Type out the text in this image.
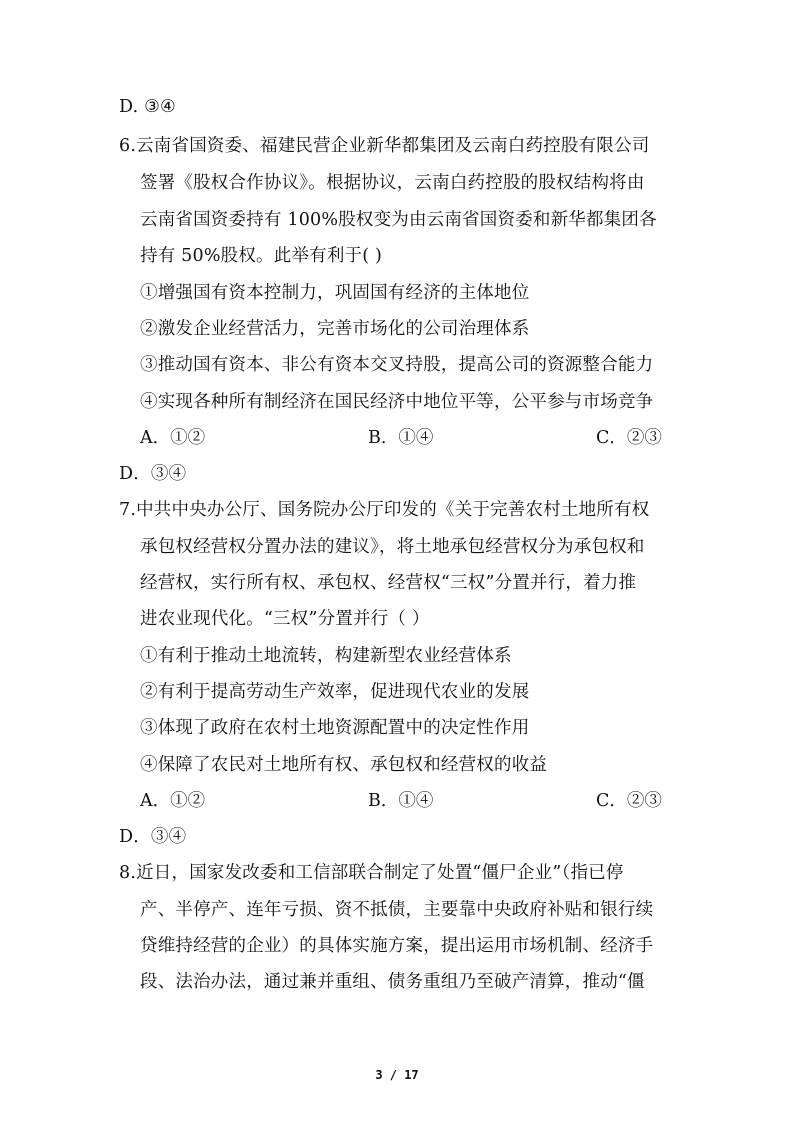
D. ③④
6.云南省国资委、福建民营企业新华都集团及云南白药控股有限公司
签署《股权合作协议》。根据协议，云南白药控股的股权结构将由
云南省国资委持有 100%股权变为由云南省国资委和新华都集团各
持有 50%股权。此举有利于( )
①增强国有资本控制力，巩固国有经济的主体地位
②激发企业经营活力，完善市场化的公司治理体系
③推动国有资本、非公有资本交叉持股，提高公司的资源整合能力
④实现各种所有制经济在国民经济中地位平等，公平参与市场竞争
A．①②	B．①④	C．②③
D．③④
7.中共中央办公厅、国务院办公厅印发的《关于完善农村土地所有权
承包权经营权分置办法的建议》，将土地承包经营权分为承包权和
经营权，实行所有权、承包权、经营权“三权”分置并行，着力推
进农业现代化。“三权”分置并行（ ）
①有利于推动土地流转，构建新型农业经营体系
②有利于提高劳动生产效率，促进现代农业的发展
③体现了政府在农村土地资源配置中的决定性作用
④保障了农民对土地所有权、承包权和经营权的收益
A．①②	B．①④	C．②③
D．③④
8.近日，国家发改委和工信部联合制定了处置“僵尸企业”（指已停
产、半停产、连年亏损、资不抵债，主要靠中央政府补贴和银行续
贷维持经营的企业）的具体实施方案，提出运用市场机制、经济手
段、法治办法，通过兼并重组、债务重组乃至破产清算，推动“僵
3 / 17
